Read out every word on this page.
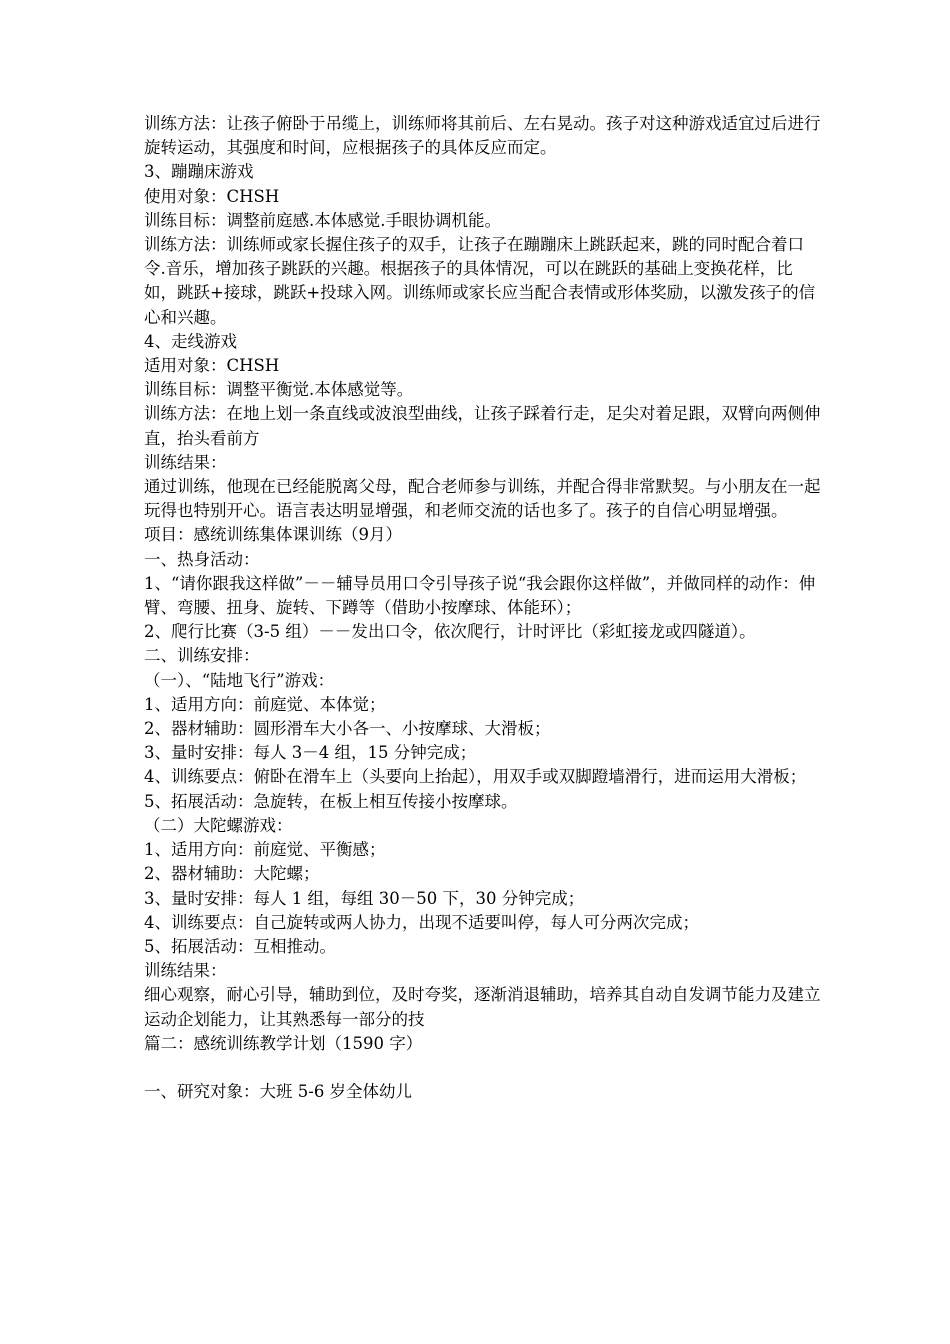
训练方法：让孩子俯卧于吊缆上，训练师将其前后、左右晃动。孩子对这种游戏适宜过后进行旋转运动，其强度和时间，应根据孩子的具体反应而定。

3、蹦蹦床游戏

使用对象：CHSH

训练目标：调整前庭感.本体感觉.手眼协调机能。

训练方法：训练师或家长握住孩子的双手，让孩子在蹦蹦床上跳跃起来，跳的同时配合着口令.音乐，增加孩子跳跃的兴趣。根据孩子的具体情况，可以在跳跃的基础上变换花样，比如，跳跃+接球，跳跃+投球入网。训练师或家长应当配合表情或形体奖励，以激发孩子的信心和兴趣。

4、走线游戏

适用对象：CHSH

训练目标：调整平衡觉.本体感觉等。

训练方法：在地上划一条直线或波浪型曲线，让孩子踩着行走，足尖对着足跟，双臂向两侧伸直，抬头看前方

训练结果：

通过训练，他现在已经能脱离父母，配合老师参与训练，并配合得非常默契。与小朋友在一起玩得也特别开心。语言表达明显增强，和老师交流的话也多了。孩子的自信心明显增强。

项目：感统训练集体课训练（9月）

一、热身活动：

1、“请你跟我这样做”－－辅导员用口令引导孩子说“我会跟你这样做”，并做同样的动作：伸臂、弯腰、扭身、旋转、下蹲等（借助小按摩球、体能环）；

2、爬行比赛（3-5 组）－－发出口令，依次爬行，计时评比（彩虹接龙或四隧道）。

二、训练安排：

（一）、“陆地飞行”游戏：

1、适用方向：前庭觉、本体觉；

2、器材辅助：圆形滑车大小各一、小按摩球、大滑板；

3、量时安排：每人 3－4 组，15 分钟完成；

4、训练要点：俯卧在滑车上（头要向上抬起），用双手或双脚蹬墙滑行，进而运用大滑板；

5、拓展活动：急旋转，在板上相互传接小按摩球。

（二）大陀螺游戏：

1、适用方向：前庭觉、平衡感；

2、器材辅助：大陀螺；

3、量时安排：每人 1 组，每组 30－50 下，30 分钟完成；

4、训练要点：自己旋转或两人协力，出现不适要叫停，每人可分两次完成；

5、拓展活动：互相推动。

训练结果：

细心观察，耐心引导，辅助到位，及时夸奖，逐渐消退辅助，培养其自动自发调节能力及建立运动企划能力，让其熟悉每一部分的技

篇二：感统训练教学计划（1590 字）

一、研究对象：大班 5-6 岁全体幼儿
